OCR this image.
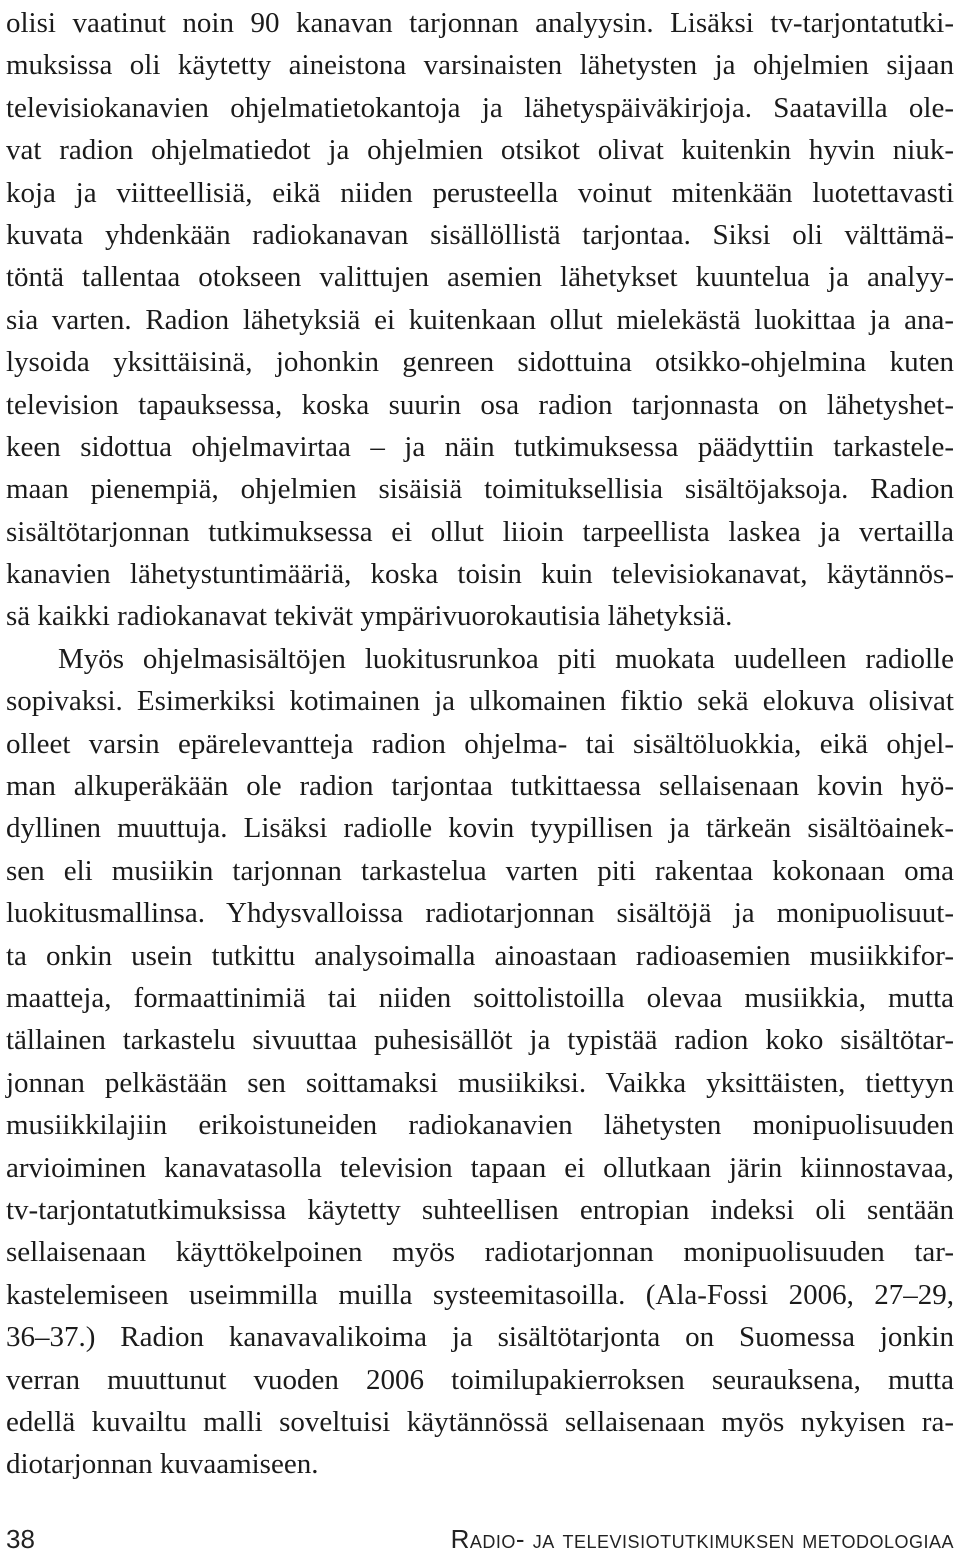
olisi vaatinut noin 90 kanavan tarjonnan analyysin. Lisäksi tv-tarjontatutki-
muksissa oli käytetty aineistona varsinaisten lähetysten ja ohjelmien sijaan
televisiokanavien ohjelmatietokantoja ja lähetyspäiväkirjoja. Saatavilla ole-
vat radion ohjelmatiedot ja ohjelmien otsikot olivat kuitenkin hyvin niuk-
koja ja viitteellisiä, eikä niiden perusteella voinut mitenkään luotettavasti
kuvata yhdenkään radiokanavan sisällöllistä tarjontaa. Siksi oli välttämä-
töntä tallentaa otokseen valittujen asemien lähetykset kuuntelua ja analyy-
sia varten. Radion lähetyksiä ei kuitenkaan ollut mielekästä luokittaa ja ana-
lysoida yksittäisinä, johonkin genreen sidottuina otsikko-ohjelmina kuten
television tapauksessa, koska suurin osa radion tarjonnasta on lähetyshet-
keen sidottua ohjelmavirtaa – ja näin tutkimuksessa päädyttiin tarkastele-
maan pienempiä, ohjelmien sisäisiä toimituksellisia sisältöjaksoja. Radion
sisältötarjonnan tutkimuksessa ei ollut liioin tarpeellista laskea ja vertailla
kanavien lähetystuntimääriä, koska toisin kuin televisiokanavat, käytännös-
sä kaikki radiokanavat tekivät ympärivuorokautisia lähetyksiä.
Myös ohjelmasisältöjen luokitusrunkoa piti muokata uudelleen radiolle
sopivaksi. Esimerkiksi kotimainen ja ulkomainen fiktio sekä elokuva olisivat
olleet varsin epärelevantteja radion ohjelma- tai sisältöluokkia, eikä ohjel-
man alkuperäkään ole radion tarjontaa tutkittaessa sellaisenaan kovin hyö-
dyllinen muuttuja. Lisäksi radiolle kovin tyypillisen ja tärkeän sisältöainek-
sen eli musiikin tarjonnan tarkastelua varten piti rakentaa kokonaan oma
luokitusmallinsa. Yhdysvalloissa radiotarjonnan sisältöjä ja monipuolisuut-
ta onkin usein tutkittu analysoimalla ainoastaan radioasemien musiikkifor-
maatteja, formaattinimiä tai niiden soittolistoilla olevaa musiikkia, mutta
tällainen tarkastelu sivuuttaa puhesisällöt ja typistää radion koko sisältötar-
jonnan pelkästään sen soittamaksi musiikiksi. Vaikka yksittäisten, tiettyyn
musiikkilajiin erikoistuneiden radiokanavien lähetysten monipuolisuuden
arvioiminen kanavatasolla television tapaan ei ollutkaan järin kiinnostavaa,
tv-tarjontatutkimuksissa käytetty suhteellisen entropian indeksi oli sentään
sellaisenaan käyttökelpoinen myös radiotarjonnan monipuolisuuden tar-
kastelemiseen useimmilla muilla systeemitasoilla. (Ala-Fossi 2006, 27–29,
36–37.) Radion kanavavalikoima ja sisältötarjonta on Suomessa jonkin
verran muuttunut vuoden 2006 toimilupakierroksen seurauksena, mutta
edellä kuvailtu malli soveltuisi käytännössä sellaisenaan myös nykyisen ra-
diotarjonnan kuvaamiseen.
38	Radio- ja televisiotutkimuksen metodologiaa
